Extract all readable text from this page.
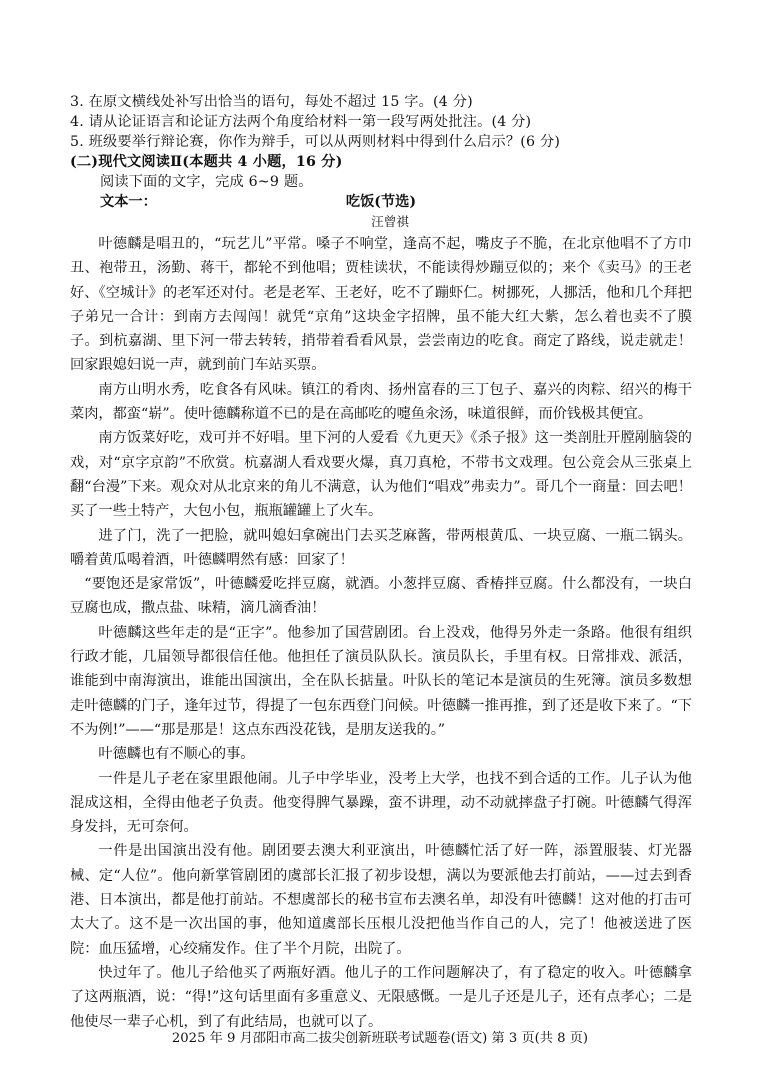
3. 在原文横线处补写出恰当的语句，每处不超过 15 字。(4 分)
4. 请从论证语言和论证方法两个角度给材料一第一段写两处批注。(4 分)
5. 班级要举行辩论赛，你作为辩手，可以从两则材料中得到什么启示？(6 分)
(二)现代文阅读Ⅱ(本题共 4 小题，16 分)
阅读下面的文字，完成 6~9 题。
文本一：	吃饭(节选)
汪曾祺

叶德麟是唱丑的，“玩艺儿”平常。嗓子不响堂，逢高不起，嘴皮子不脆，在北京他唱不了方巾丑、袍带丑，汤勤、蒋干，都轮不到他唱；贾桂读状，不能读得炒蹦豆似的；来个《卖马》的王老好、《空城计》的老军还对付。老是老军、王老好，吃不了蹦虾仁。树挪死，人挪活，他和几个拜把子弟兄一合计：到南方去闯闯！就凭“京角”这块金字招牌，虽不能大红大紫，怎么着也卖不了膜子。到杭嘉湖、里下河一带去转转，捎带着看看风景，尝尝南边的吃食。商定了路线，说走就走！回家跟媳妇说一声，就到前门车站买票。

南方山明水秀，吃食各有风味。镇江的肴肉、扬州富春的三丁包子、嘉兴的肉粽、绍兴的梅干菜肉，都蛮“崭”。使叶德麟称道不已的是在高邮吃的嚏鱼汆汤，味道很鲜，而价钱极其便宜。

南方饭菜好吃，戏可并不好唱。里下河的人爱看《九更天》《杀子报》这一类剖肚开膛剐脑袋的戏，对“京字京韵”不欣赏。杭嘉湖人看戏要火爆，真刀真枪，不带书文戏理。包公竞会从三张桌上翻“台漫”下来。观众对从北京来的角儿不满意，认为他们“唱戏”弗卖力”。哥几个一商量：回去吧！买了一些土特产，大包小包，瓶瓶罐罐上了火车。

进了门，洗了一把脸，就叫媳妇拿碗出门去买芝麻酱，带两根黄瓜、一块豆腐、一瓶二锅头。嚼着黄瓜喝着酒，叶德麟喟然有感：回家了！

“要饱还是家常饭”，叶德麟爱吃拌豆腐，就酒。小葱拌豆腐、香椿拌豆腐。什么都没有，一块白豆腐也成，撒点盐、味精，滴几滴香油！

叶德麟这些年走的是“正字”。他参加了国营剧团。台上没戏，他得另外走一条路。他很有组织行政才能，几届领导都很信任他。他担任了演员队队长。演员队长，手里有权。日常排戏、派活，谁能到中南海演出，谁能出国演出，全在队长掂量。叶队长的笔记本是演员的生死簿。演员多数想走叶德麟的门子，逢年过节，得提了一包东西登门问候。叶德麟一推再推，到了还是收下来了。“下不为例!”——“那是那是！这点东西没花钱，是朋友送我的。”

叶德麟也有不顺心的事。

一件是儿子老在家里跟他闹。儿子中学毕业，没考上大学，也找不到合适的工作。儿子认为他混成这相，全得由他老子负责。他变得脾气暴躁，蛮不讲理，动不动就摔盘子打碗。叶德麟气得浑身发抖，无可奈何。

一件是出国演出没有他。剧团要去澳大利亚演出，叶德麟忙活了好一阵，添置服装、灯光器械、定“人位”。他向新掌管剧团的虞部长汇报了初步设想，满以为要派他去打前站，——过去到香港、日本演出，都是他打前站。不想虞部长的秘书宣布去澳名单，却没有叶德麟！这对他的打击可太大了。这不是一次出国的事，他知道虞部长压根儿没把他当作自己的人，完了！他被送进了医院：血压猛增，心绞痛发作。住了半个月院，出院了。

快过年了。他儿子给他买了两瓶好酒。他儿子的工作问题解决了，有了稳定的收入。叶德麟拿了这两瓶酒，说：“得!”这句话里面有多重意义、无限感慨。一是儿子还是儿子，还有点孝心；二是他使尽一辈子心机，到了有此结局，也就可以了。

2025 年 9 月邵阳市高二拔尖创新班联考试题卷(语文) 第 3 页(共 8 页)
